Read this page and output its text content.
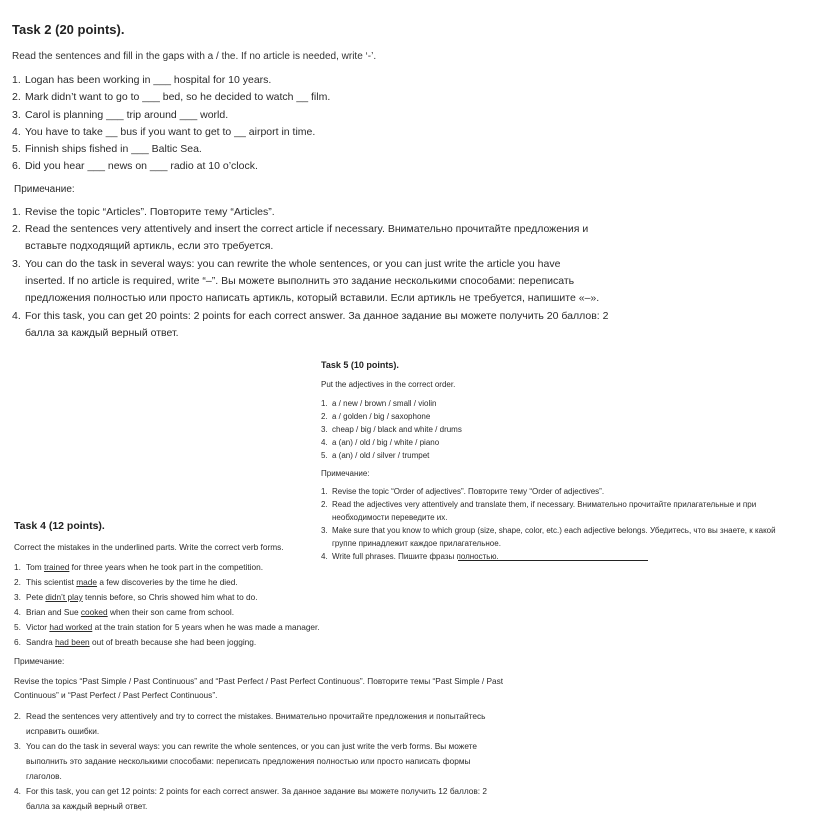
Task 2 (20 points).
Read the sentences and fill in the gaps with a / the. If no article is needed, write ‘-’.
1. Logan has been working in ___ hospital for 10 years.
2. Mark didn’t want to go to ___ bed, so he decided to watch __ film.
3. Carol is planning ___ trip around ___ world.
4. You have to take __ bus if you want to get to __ airport in time.
5. Finnish ships fished in ___ Baltic Sea.
6. Did you hear ___ news on ___ radio at 10 o’clock.
Примечание:
1. Revise the topic “Articles”. Повторите тему “Articles”.
2. Read the sentences very attentively and insert the correct article if necessary. Внимательно прочитайте предложения и
вставьте подходящий артикль, если это требуется.
3. You can do the task in several ways: you can rewrite the whole sentences, or you can just write the article you have
inserted. If no article is required, write “–”. Вы можете выполнить это задание несколькими способами: переписать
предложения полностью или просто написать артикль, который вставили. Если артикль не требуется, напишите «–».
4. For this task, you can get 20 points: 2 points for each correct answer. За данное задание вы можете получить 20 баллов: 2
балла за каждый верный ответ.
Task 5 (10 points).
Put the adjectives in the correct order.
1. a / new / brown / small / violin
2. a / golden / big / saxophone
3. cheap / big / black and white / drums
4. a (an) / old / big / white / piano
5. a (an) / old / silver / trumpet
Примечание:
1. Revise the topic “Order of adjectives”. Повторите тему “Order of adjectives”.
2. Read the adjectives very attentively and translate them, if necessary. Внимательно прочитайте прилагательные и при
необходимости переведите их.
3. Make sure that you know to which group (size, shape, color, etc.) each adjective belongs. Убедитесь, что вы знаете, к какой
группе принадлежит каждое прилагательное.
4. Write full phrases. Пишите фразы полностью.
Task 4 (12 points).
Correct the mistakes in the underlined parts. Write the correct verb forms.
1. Tom trained for three years when he took part in the competition.
2. This scientist made a few discoveries by the time he died.
3. Pete didn’t play tennis before, so Chris showed him what to do.
4. Brian and Sue cooked when their son came from school.
5. Victor had worked at the train station for 5 years when he was made a manager.
6. Sandra had been out of breath because she had been jogging.
Примечание:
Revise the topics “Past Simple / Past Continuous” and “Past Perfect / Past Perfect Continuous”. Повторите темы “Past Simple / Past
Continuous” и “Past Perfect / Past Perfect Continuous”.
2. Read the sentences very attentively and try to correct the mistakes. Внимательно прочитайте предложения и попытайтесь
исправить ошибки.
3. You can do the task in several ways: you can rewrite the whole sentences, or you can just write the verb forms. Вы можете
выполнить это задание несколькими способами: переписать предложения полностью или просто написать формы
глаголов.
4. For this task, you can get 12 points: 2 points for each correct answer. За данное задание вы можете получить 12 баллов: 2
балла за каждый верный ответ.
